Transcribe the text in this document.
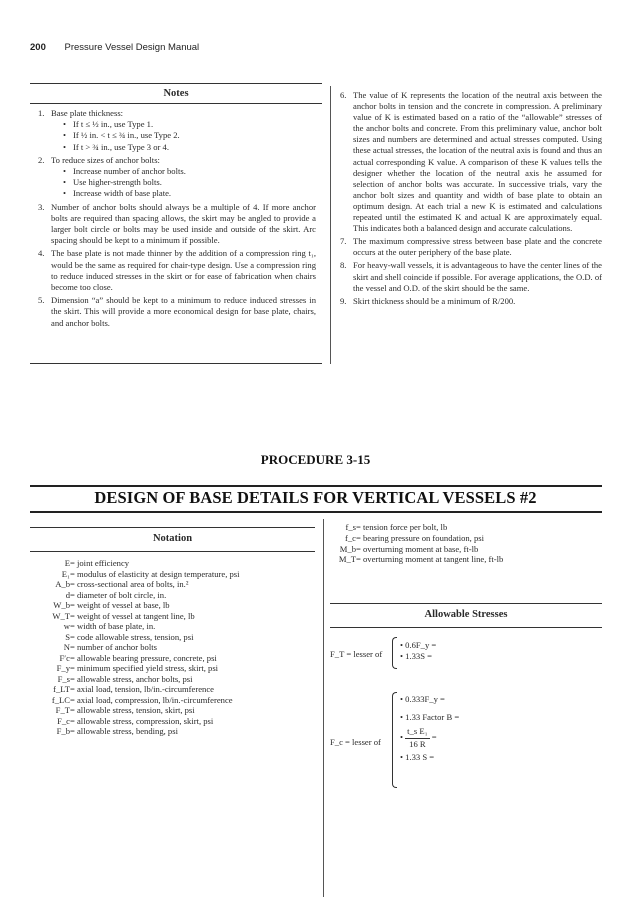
200 Pressure Vessel Design Manual
Notes
1. Base plate thickness:
• If t ≤ ½ in., use Type 1.
• If ½ in. < t ≤ ¾ in., use Type 2.
• If t > ¾ in., use Type 3 or 4.
2. To reduce sizes of anchor bolts:
• Increase number of anchor bolts.
• Use higher-strength bolts.
• Increase width of base plate.
3. Number of anchor bolts should always be a multiple of 4. If more anchor bolts are required than spacing allows, the skirt may be angled to provide a larger bolt circle or bolts may be used inside and outside of the skirt. Arc spacing should be kept to a minimum if possible.
4. The base plate is not made thinner by the addition of a compression ring t₁, would be the same as required for chair-type design. Use a compression ring to reduce induced stresses in the skirt or for ease of fabrication when chairs become too close.
5. Dimension “a” should be kept to a minimum to reduce induced stresses in the skirt. This will provide a more economical design for base plate, chairs, and anchor bolts.
6. The value of K represents the location of the neutral axis between the anchor bolts in tension and the concrete in compression. A preliminary value of K is estimated based on a ratio of the “allowable” stresses of the anchor bolts and concrete. From this preliminary value, anchor bolt sizes and numbers are determined and actual stresses computed. Using these actual stresses, the location of the neutral axis is found and thus an actual corresponding K value. A comparison of these K values tells the designer whether the location of the neutral axis he assumed for selection of anchor bolts was accurate. In successive trials, vary the anchor bolt sizes and quantity and width of base plate to obtain an optimum design. At each trial a new K is estimated and calculations repeated until the estimated K and actual K are approximately equal. This indicates both a balanced design and accurate calculations.
7. The maximum compressive stress between base plate and the concrete occurs at the outer periphery of the base plate.
8. For heavy-wall vessels, it is advantageous to have the center lines of the skirt and shell coincide if possible. For average applications, the O.D. of the vessel and O.D. of the skirt should be the same.
9. Skirt thickness should be a minimum of R/200.
PROCEDURE 3-15
DESIGN OF BASE DETAILS FOR VERTICAL VESSELS #2
Notation
E= joint efficiency
E₁= modulus of elasticity at design temperature, psi
A_b= cross-sectional area of bolts, in.²
d= diameter of bolt circle, in.
W_b= weight of vessel at base, lb
W_T= weight of vessel at tangent line, lb
w= width of base plate, in.
S= code allowable stress, tension, psi
N= number of anchor bolts
F′c= allowable bearing pressure, concrete, psi
F_y= minimum specified yield stress, skirt, psi
F_s= allowable stress, anchor bolts, psi
f_LT= axial load, tension, lb/in.-circumference
f_LC= axial load, compression, lb/in.-circumference
F_T= allowable stress, tension, skirt, psi
F_c= allowable stress, compression, skirt, psi
F_b= allowable stress, bending, psi
f_s= tension force per bolt, lb
f_c= bearing pressure on foundation, psi
M_b= overturning moment at base, ft-lb
M_T= overturning moment at tangent line, ft-lb
Allowable Stresses
F_T = lesser of
• 0.6F_y =
• 1.33S =
F_c = lesser of
• 0.333F_y =
• 1.33 Factor B =
• $\frac{\text{t\_s E₁}}{16 R}$ =
• 1.33 S =
